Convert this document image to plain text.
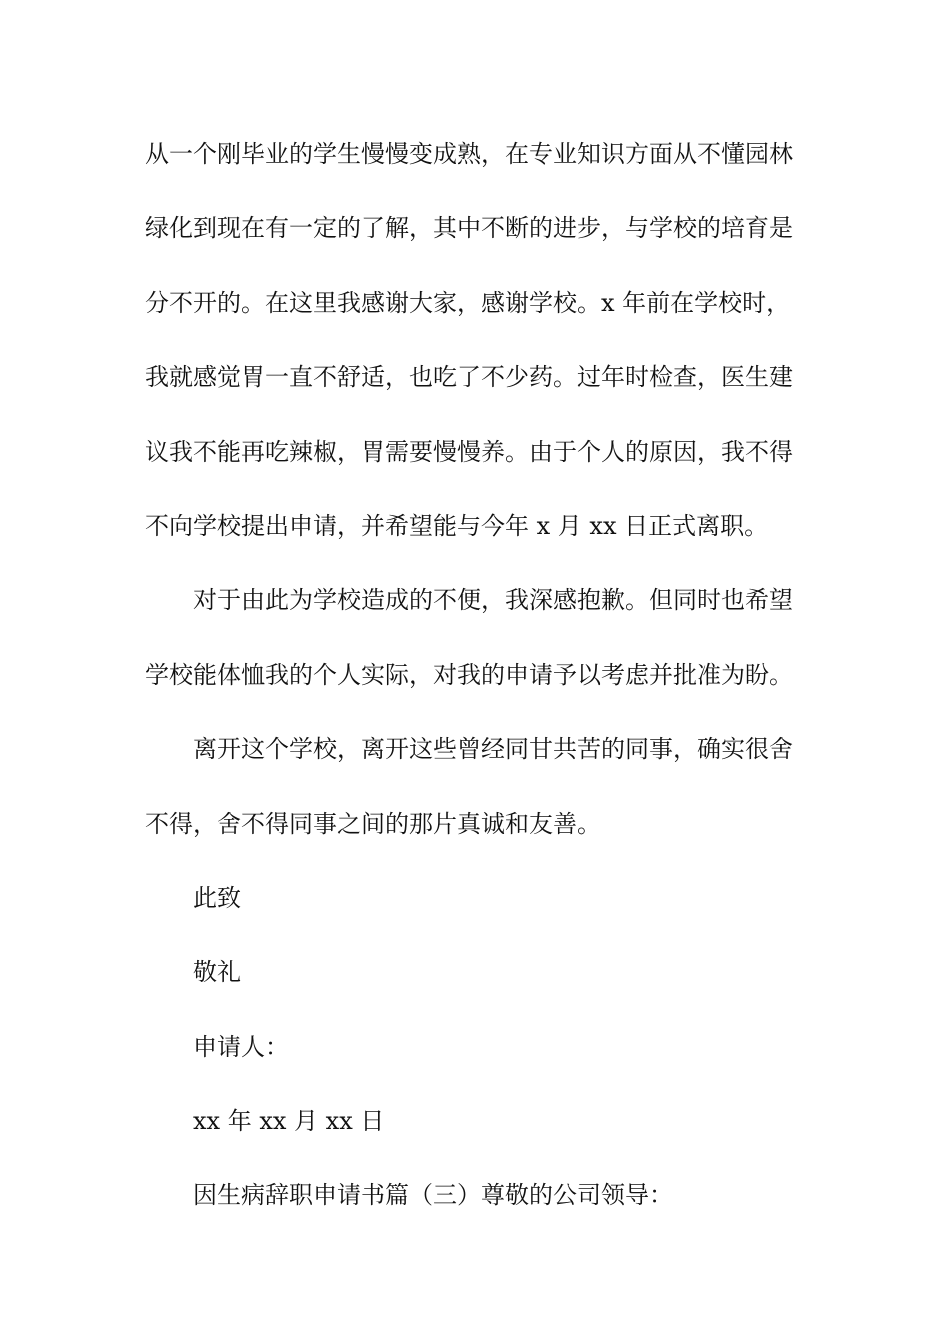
从一个刚毕业的学生慢慢变成熟，在专业知识方面从不懂园林
绿化到现在有一定的了解，其中不断的进步，与学校的培育是
分不开的。在这里我感谢大家，感谢学校。x 年前在学校时，
我就感觉胃一直不舒适，也吃了不少药。过年时检查，医生建
议我不能再吃辣椒，胃需要慢慢养。由于个人的原因，我不得
不向学校提出申请，并希望能与今年 x 月 xx 日正式离职。
对于由此为学校造成的不便，我深感抱歉。但同时也希望
学校能体恤我的个人实际，对我的申请予以考虑并批准为盼。
离开这个学校，离开这些曾经同甘共苦的同事，确实很舍
不得，舍不得同事之间的那片真诚和友善。
此致
敬礼
申请人：
xx 年 xx 月 xx 日
因生病辞职申请书篇（三）尊敬的公司领导：
